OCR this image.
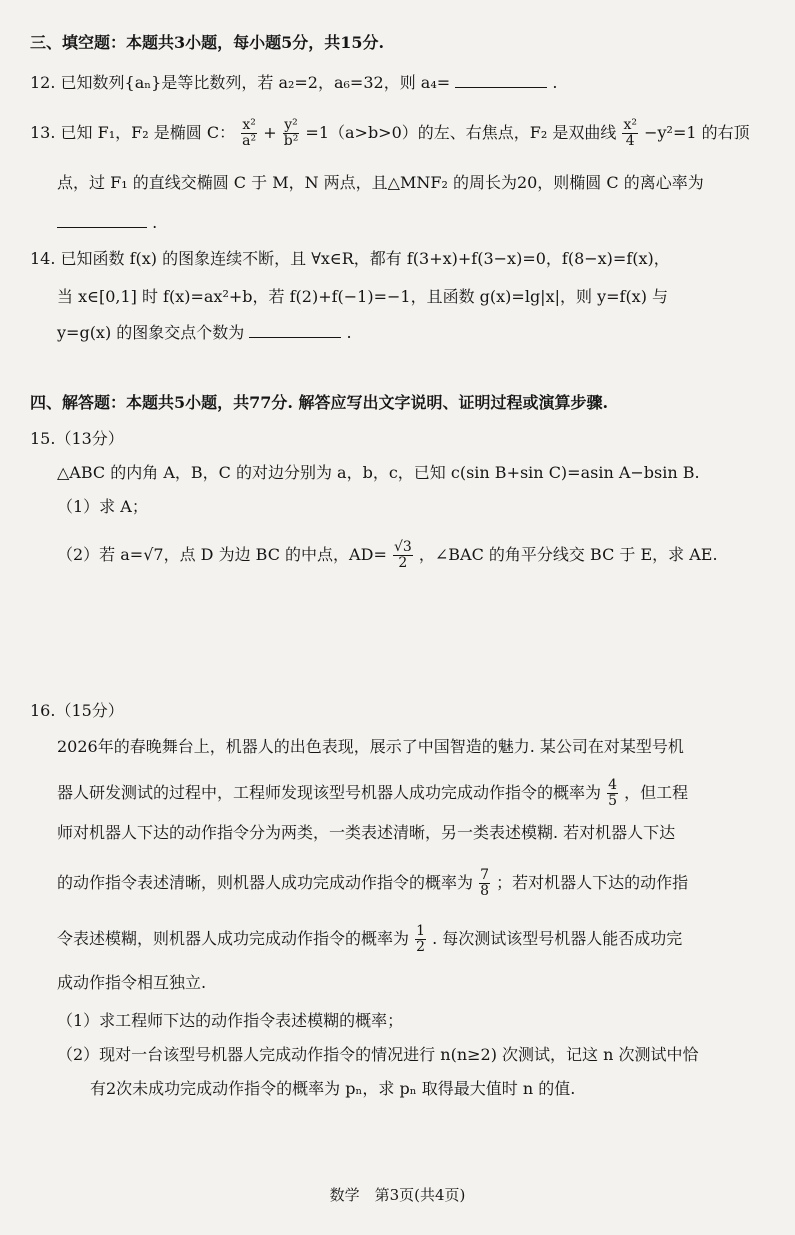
三、填空题：本题共3小题，每小题5分，共15分.
12. 已知数列{aₙ}是等比数列，若 a₂=2，a₆=32，则 a₄=	.
13. 已知 F₁，F₂ 是椭圆 C： $\frac{\text{x²}}{\text{a²}} + \frac{\text{y²}}{\text{b²}} =1(a>b>0)$的左、右焦点，F₂ 是双曲线 $\frac{\text{x²}}{4} -y^2=1$ 的右顶
点，过 F₁ 的直线交椭圆 C 于 M，N 两点，且△MNF₂ 的周长为20，则椭圆 C 的离心率为
.
14. 已知函数 f(x) 的图象连续不断，且 ∀x∈R，都有 f(3+x)+f(3−x)=0，f(8−x)=f(x)，
当 x∈[0,1] 时 f(x)=ax²+b，若 f(2)+f(−1)=−1，且函数 g(x)=lg|x|，则 y=f(x) 与
y=g(x) 的图象交点个数为	.
四、解答题：本题共5小题，共77分. 解答应写出文字说明、证明过程或演算步骤.
15.（13分）
△ABC 的内角 A，B，C 的对边分别为 a，b，c，已知 c(sin B+sin C)=asin A−bsin B.
（1）求 A；
（2）若 a=√7，点 D 为边 BC 的中点，$AD= \frac{√3}{2}$ ，∠BAC 的角平分线交 BC 于 E，求 AE.
16.（15分）
2026年的春晚舞台上，机器人的出色表现，展示了中国智造的魅力. 某公司在对某型号机
器人研发测试的过程中，工程师发现该型号机器人成功完成动作指令的概率为 $\frac{4}{5}$ ，但工程
师对机器人下达的动作指令分为两类，一类表述清晰，另一类表述模糊. 若对机器人下达
的动作指令表述清晰，则机器人成功完成动作指令的概率为 $\frac{7}{8}$ ；若对机器人下达的动作指
令表述模糊，则机器人成功完成动作指令的概率为 $\frac{1}{2}$ . 每次测试该型号机器人能否成功完
成动作指令相互独立.
（1）求工程师下达的动作指令表述模糊的概率；
（2）现对一台该型号机器人完成动作指令的情况进行 n(n≥2) 次测试，记这 n 次测试中恰
有2次未成功完成动作指令的概率为 pₙ，求 pₙ 取得最大值时 n 的值.
数学　第3页(共4页)
